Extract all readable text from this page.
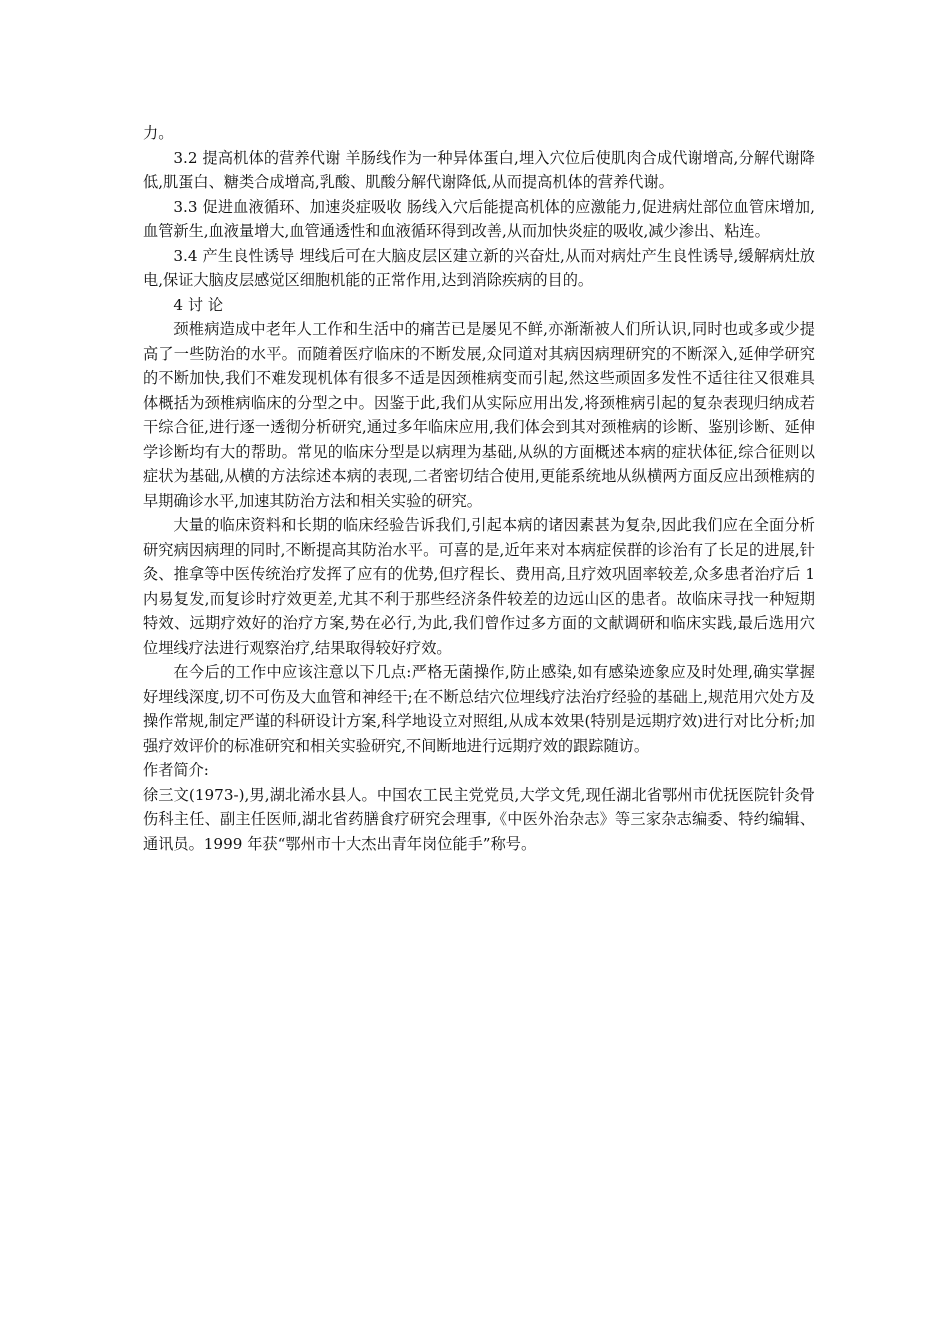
力。

3.2 提高机体的营养代谢 羊肠线作为一种异体蛋白,埋入穴位后使肌肉合成代谢增高,分解代谢降低,肌蛋白、糖类合成增高,乳酸、肌酸分解代谢降低,从而提高机体的营养代谢。

3.3 促进血液循环、加速炎症吸收 肠线入穴后能提高机体的应激能力,促进病灶部位血管床增加,血管新生,血液量增大,血管通透性和血液循环得到改善,从而加快炎症的吸收,减少渗出、粘连。

3.4 产生良性诱导 埋线后可在大脑皮层区建立新的兴奋灶,从而对病灶产生良性诱导,缓解病灶放电,保证大脑皮层感觉区细胞机能的正常作用,达到消除疾病的目的。

4 讨 论

颈椎病造成中老年人工作和生活中的痛苦已是屡见不鲜,亦渐渐被人们所认识,同时也或多或少提高了一些防治的水平。而随着医疗临床的不断发展,众同道对其病因病理研究的不断深入,延伸学研究的不断加快,我们不难发现机体有很多不适是因颈椎病变而引起,然这些顽固多发性不适往往又很难具体概括为颈椎病临床的分型之中。因鉴于此,我们从实际应用出发,将颈椎病引起的复杂表现归纳成若干综合征,进行逐一透彻分析研究,通过多年临床应用,我们体会到其对颈椎病的诊断、鉴别诊断、延伸学诊断均有大的帮助。常见的临床分型是以病理为基础,从纵的方面概述本病的症状体征,综合征则以症状为基础,从横的方法综述本病的表现,二者密切结合使用,更能系统地从纵横两方面反应出颈椎病的早期确诊水平,加速其防治方法和相关实验的研究。

大量的临床资料和长期的临床经验告诉我们,引起本病的诸因素甚为复杂,因此我们应在全面分析研究病因病理的同时,不断提高其防治水平。可喜的是,近年来对本病症侯群的诊治有了长足的进展,针灸、推拿等中医传统治疗发挥了应有的优势,但疗程长、费用高,且疗效巩固率较差,众多患者治疗后 1 内易复发,而复诊时疗效更差,尤其不利于那些经济条件较差的边远山区的患者。故临床寻找一种短期特效、远期疗效好的治疗方案,势在必行,为此,我们曾作过多方面的文献调研和临床实践,最后选用穴位埋线疗法进行观察治疗,结果取得较好疗效。

在今后的工作中应该注意以下几点:严格无菌操作,防止感染,如有感染迹象应及时处理,确实掌握好埋线深度,切不可伤及大血管和神经干;在不断总结穴位埋线疗法治疗经验的基础上,规范用穴处方及操作常规,制定严谨的科研设计方案,科学地设立对照组,从成本效果(特别是远期疗效)进行对比分析;加强疗效评价的标准研究和相关实验研究,不间断地进行远期疗效的跟踪随访。

作者简介:

徐三文(1973-),男,湖北浠水县人。中国农工民主党党员,大学文凭,现任湖北省鄂州市优抚医院针灸骨伤科主任、副主任医师,湖北省药膳食疗研究会理事,《中医外治杂志》等三家杂志编委、特约编辑、通讯员。1999 年获“鄂州市十大杰出青年岗位能手”称号。
